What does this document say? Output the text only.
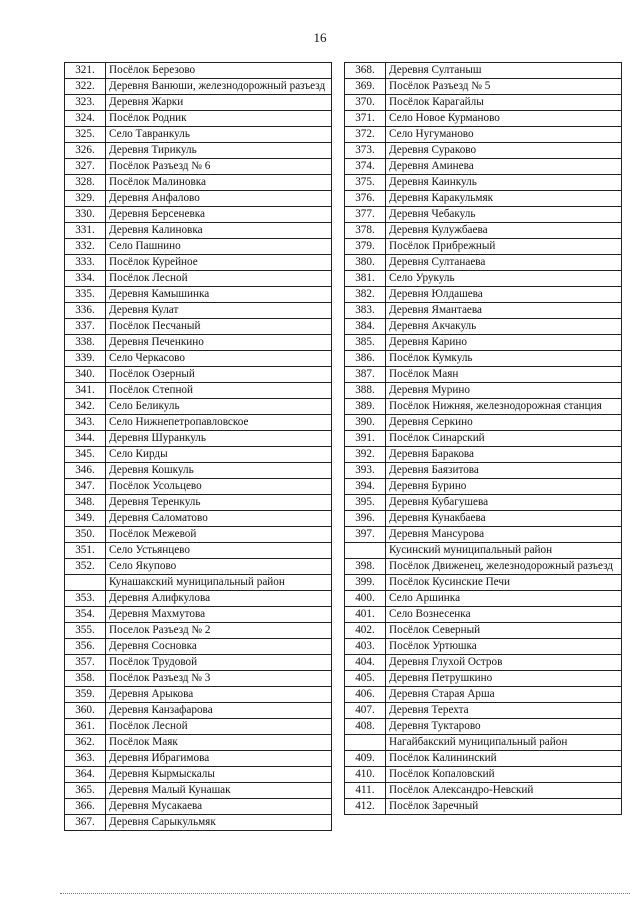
16
321.	Посёлок Березово
322.	Деревня Ванюши, железнодорожный разъезд
323.	Деревня Жарки
324.	Посёлок Родник
325.	Село Тавранкуль
326.	Деревня Тирикуль
327.	Посёлок Разъезд № 6
328.	Посёлок Малиновка
329.	Деревня Анфалово
330.	Деревня Берсеневка
331.	Деревня Калиновка
332.	Село Пашнино
333.	Посёлок Курейное
334.	Посёлок Лесной
335.	Деревня Камышинка
336.	Деревня Кулат
337.	Посёлок Песчаный
338.	Деревня Печенкино
339.	Село Черкасово
340.	Посёлок Озерный
341.	Посёлок Степной
342.	Село Беликуль
343.	Село Нижнепетропавловское
344.	Деревня Шуранкуль
345.	Село Кирды
346.	Деревня Кошкуль
347.	Посёлок Усольцево
348.	Деревня Теренкуль
349.	Деревня Саломатово
350.	Посёлок Межевой
351.	Село Устьянцево
352.	Село Якупово
	Кунашакский муниципальный район
353.	Деревня Алифкулова
354.	Деревня Махмутова
355.	Поселок Разъезд № 2
356.	Деревня Сосновка
357.	Посёлок Трудовой
358.	Посёлок Разъезд № 3
359.	Деревня Арыкова
360.	Деревня Канзафарова
361.	Посёлок Лесной
362.	Посёлок Маяк
363.	Деревня Ибрагимова
364.	Деревня Кырмыскалы
365.	Деревня Малый Кунашак
366.	Деревня Мусакаева
367.	Деревня Сарыкульмяк
368.	Деревня Султаныш
369.	Посёлок Разъезд № 5
370.	Посёлок Карагайлы
371.	Село Новое Курманово
372.	Село Нугуманово
373.	Деревня Сураково
374.	Деревня Аминева
375.	Деревня Каинкуль
376.	Деревня Каракульмяк
377.	Деревня Чебакуль
378.	Деревня Кулужбаева
379.	Посёлок Прибрежный
380.	Деревня Султанаева
381.	Село Урукуль
382.	Деревня Юлдашева
383.	Деревня Ямантаева
384.	Деревня Акчакуль
385.	Деревня Карино
386.	Посёлок Кумкуль
387.	Посёлок Маян
388.	Деревня Мурино
389.	Посёлок Нижняя, железнодорожная станция
390.	Деревня Серкино
391.	Посёлок Синарский
392.	Деревня Баракова
393.	Деревня Баязитова
394.	Деревня Бурино
395.	Деревня Кубагушева
396.	Деревня Кунакбаева
397.	Деревня Мансурова
	Кусинский муниципальный район
398.	Посёлок Движенец, железнодорожный разъезд
399.	Посёлок Кусинские Печи
400.	Село Аршинка
401.	Село Вознесенка
402.	Посёлок Северный
403.	Посёлок Уртюшка
404.	Деревня Глухой Остров
405.	Деревня Петрушкино
406.	Деревня Старая Арша
407.	Деревня Терехта
408.	Деревня Туктарово
	Нагайбакский муниципальный район
409.	Посёлок Калининский
410.	Посёлок Копаловский
411.	Посёлок Александро-Невский
412.	Посёлок Заречный
